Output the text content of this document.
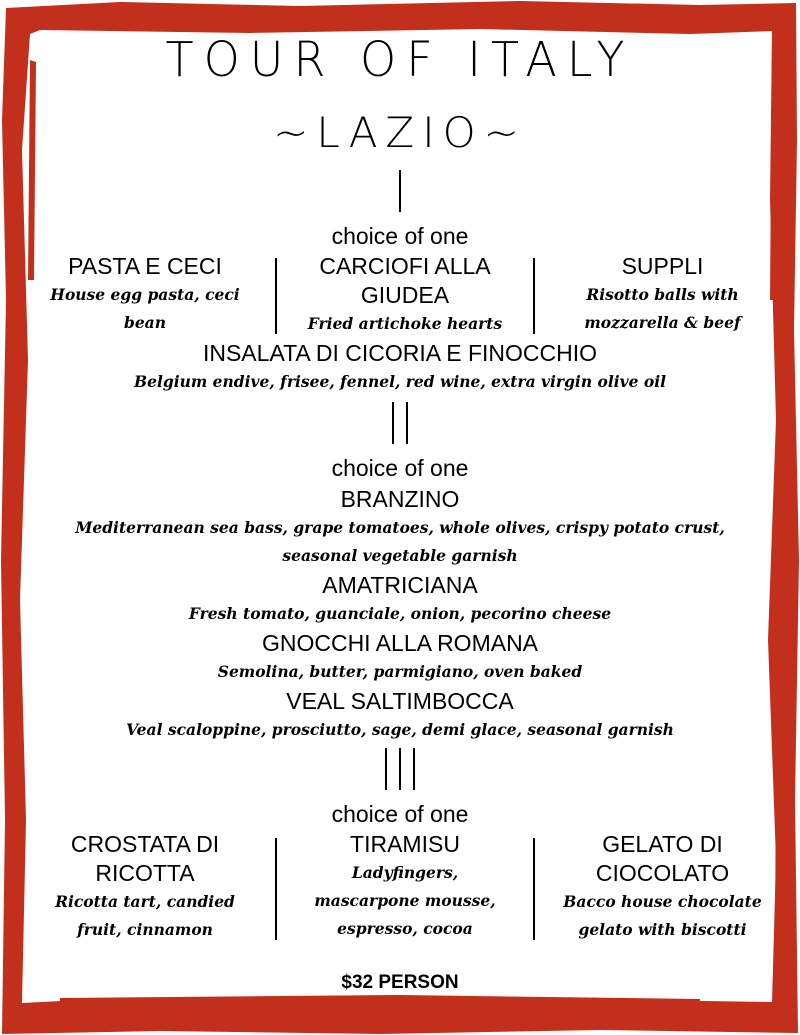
TOUR OF ITALY
~LAZIO~
choice of one
PASTA E CECI
House egg pasta, ceci bean
CARCIOFI ALLA GIUDEA
Fried artichoke hearts
SUPPLI
Risotto balls with mozzarella & beef
INSALATA DI CICORIA E FINOCCHIO
Belgium endive, frisee, fennel, red wine, extra virgin olive oil
choice of one
BRANZINO
Mediterranean sea bass, grape tomatoes, whole olives, crispy potato crust, seasonal vegetable garnish
AMATRICIANA
Fresh tomato, guanciale, onion, pecorino cheese
GNOCCHI ALLA ROMANA
Semolina, butter, parmigiano, oven baked
VEAL SALTIMBOCCA
Veal scaloppine, prosciutto, sage, demi glace, seasonal garnish
choice of one
CROSTATA DI RICOTTA
Ricotta tart, candied fruit, cinnamon
TIRAMISU
Ladyfingers, mascarpone mousse, espresso, cocoa
GELATO DI CIOCOLATO
Bacco house chocolate gelato with biscotti
$32 PERSON
